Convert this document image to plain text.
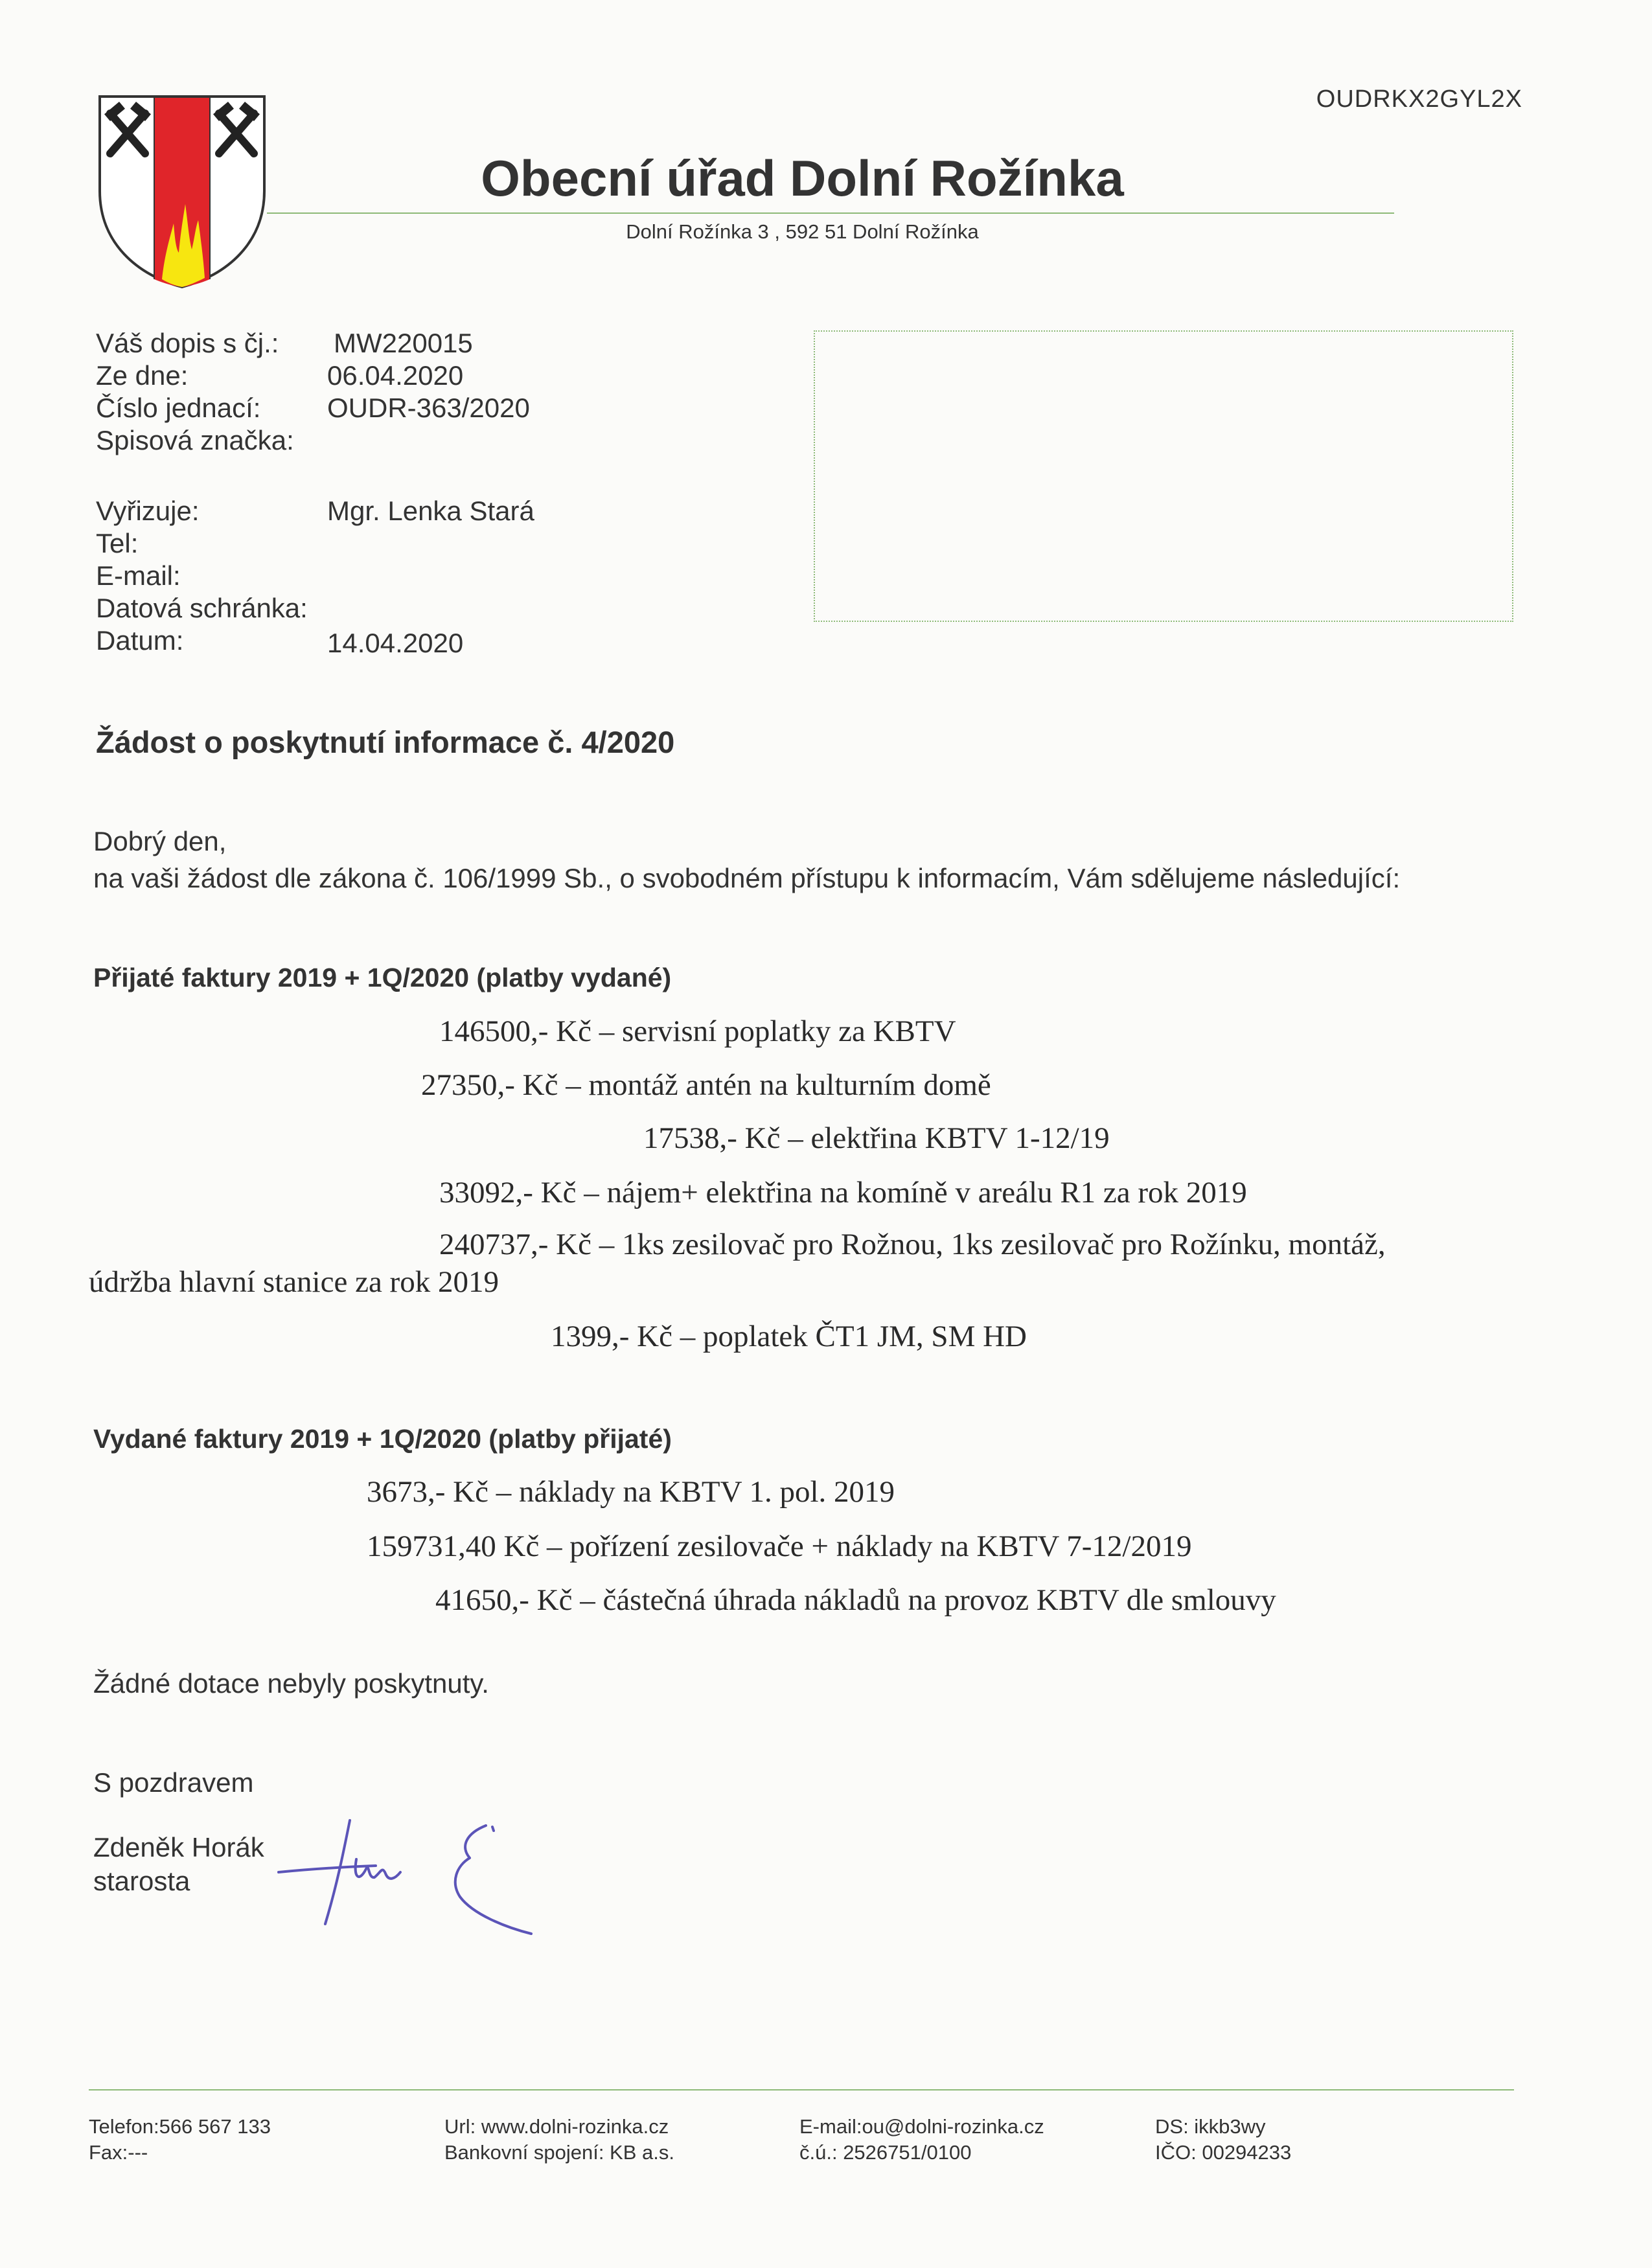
OUDRKX2GYL2X
Obecní úřad Dolní Rožínka
Dolní Rožínka 3 , 592 51 Dolní Rožínka
Váš dopis s čj.: MW220015
Ze dne:	06.04.2020
Číslo jednací: OUDR-363/2020
Spisová značka:
Vyřizuje:	Mgr. Lenka Stará
Tel:
E-mail:
Datová schránka:
Datum:	14.04.2020
Žádost o poskytnutí informace č. 4/2020
Dobrý den,
na vaši žádost dle zákona č. 106/1999 Sb., o svobodném přístupu k informacím, Vám sdělujeme následující:
Přijaté faktury 2019 + 1Q/2020 (platby vydané)
146500,- Kč – servisní poplatky za KBTV
27350,- Kč – montáž antén na kulturním domě
17538,- Kč – elektřina KBTV 1-12/19
33092,- Kč – nájem+ elektřina na komíně v areálu R1 za rok 2019
240737,- Kč – 1ks zesilovač pro Rožnou, 1ks zesilovač pro Rožínku, montáž,
údržba hlavní stanice za rok 2019
1399,- Kč – poplatek ČT1 JM, SM HD
Vydané faktury 2019 + 1Q/2020 (platby přijaté)
3673,- Kč – náklady na KBTV 1. pol. 2019
159731,40 Kč – pořízení zesilovače + náklady na KBTV 7-12/2019
41650,- Kč – částečná úhrada nákladů na provoz KBTV dle smlouvy
Žádné dotace nebyly poskytnuty.
S pozdravem
Zdeněk Horák
starosta
Telefon:566 567 133
Fax:---
Url: www.dolni-rozinka.cz
Bankovní spojení: KB a.s.
E-mail:ou@dolni-rozinka.cz
č.ú.: 2526751/0100
DS: ikkb3wy
IČO: 00294233
